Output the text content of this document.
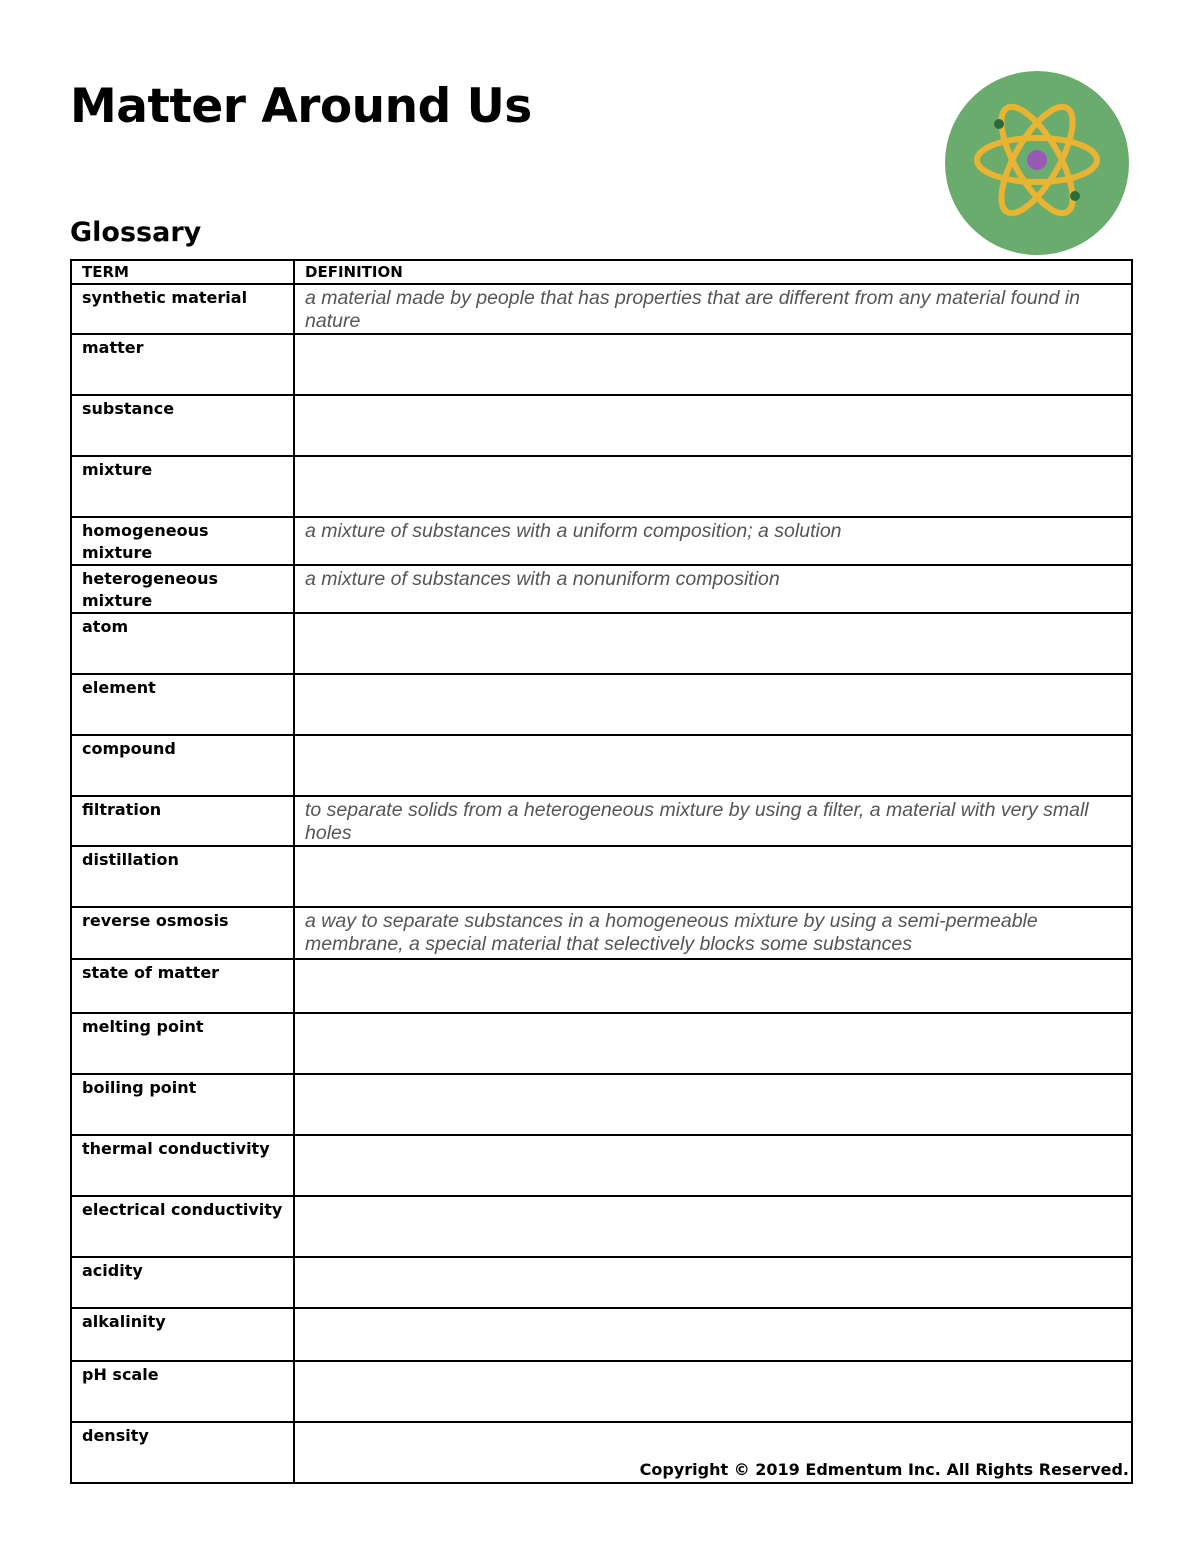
Matter Around Us
Glossary
TERM	DEFINITION
synthetic material	a material made by people that has properties that are different from any material found in nature
matter	
substance	
mixture	
homogeneous mixture	a mixture of substances with a uniform composition; a solution
heterogeneous mixture	a mixture of substances with a nonuniform composition
atom	
element	
compound	
filtration	to separate solids from a heterogeneous mixture by using a filter, a material with very small holes
distillation	
reverse osmosis	a way to separate substances in a homogeneous mixture by using a semi-permeable membrane, a special material that selectively blocks some substances
state of matter	
melting point	
boiling point	
thermal conductivity	
electrical conductivity	
acidity	
alkalinity	
pH scale	
density	

Copyright © 2019 Edmentum Inc. All Rights Reserved.
